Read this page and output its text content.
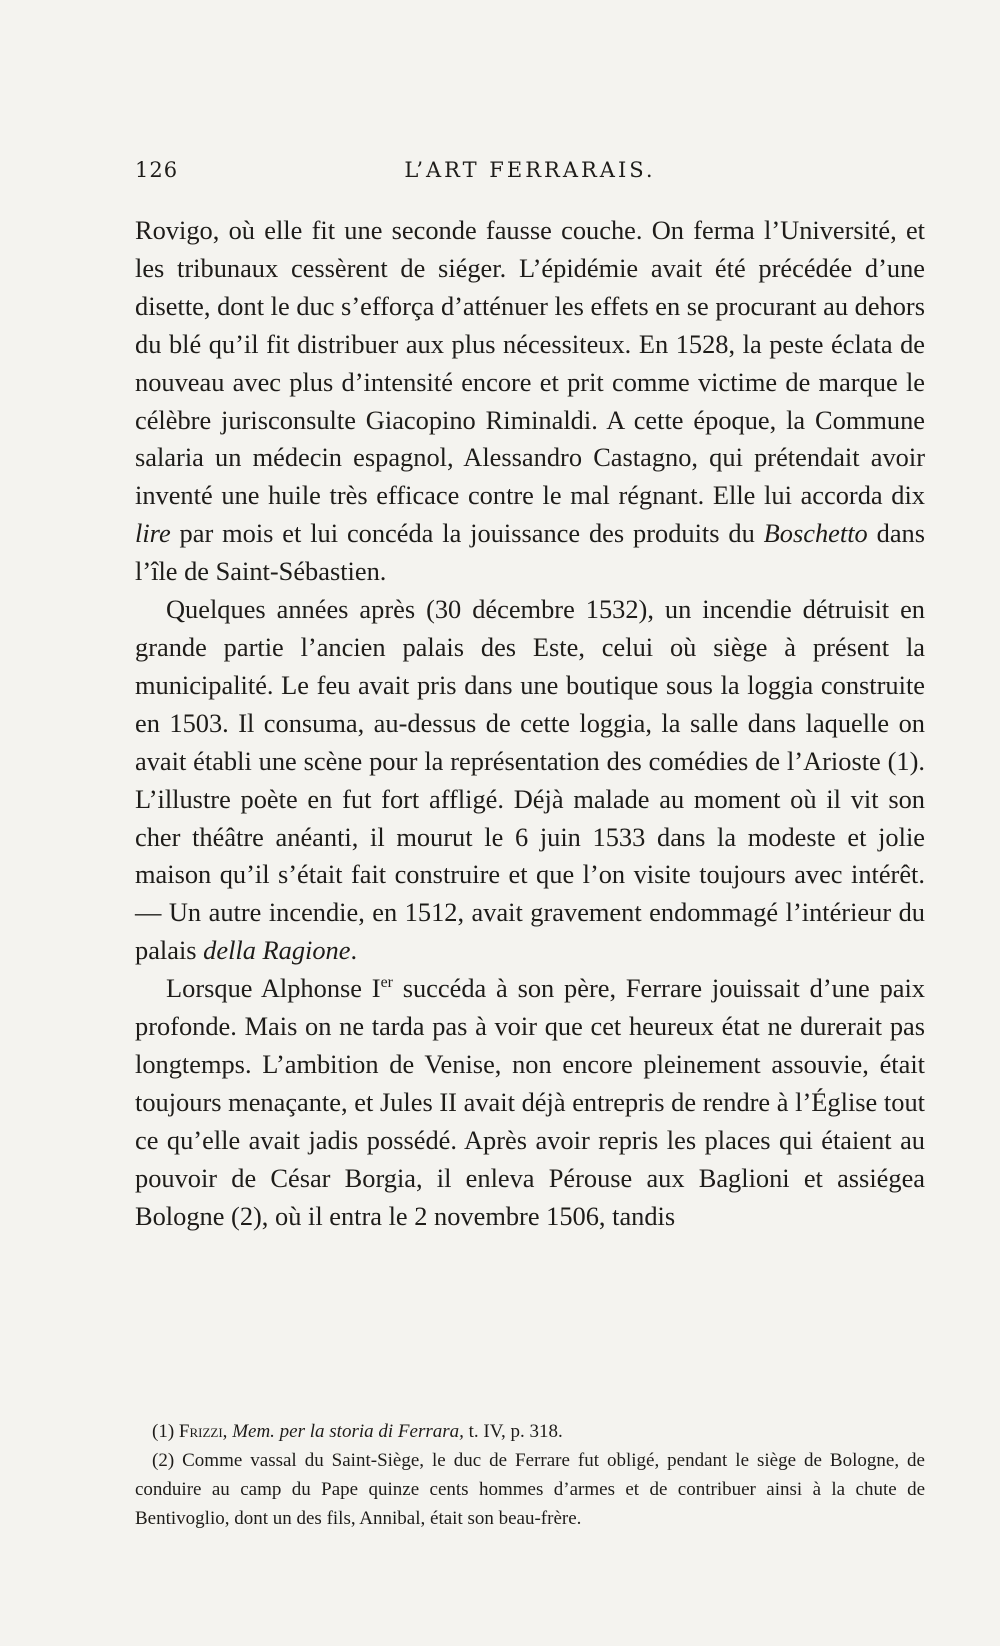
126	L’ART FERRARAIS.

Rovigo, où elle fit une seconde fausse couche. On ferma l’Université, et les tribunaux cessèrent de siéger. L’épidémie avait été précédée d’une disette, dont le duc s’efforça d’atténuer les effets en se procurant au dehors du blé qu’il fit distribuer aux plus nécessiteux. En 1528, la peste éclata de nouveau avec plus d’intensité encore et prit comme victime de marque le célèbre jurisconsulte Giacopino Riminaldi. A cette époque, la Commune salaria un médecin espagnol, Alessandro Castagno, qui prétendait avoir inventé une huile très efficace contre le mal régnant. Elle lui accorda dix lire par mois et lui concéda la jouissance des produits du Boschetto dans l’île de Saint-Sébastien.

Quelques années après (30 décembre 1532), un incendie détruisit en grande partie l’ancien palais des Este, celui où siège à présent la municipalité. Le feu avait pris dans une boutique sous la loggia construite en 1503. Il consuma, au-dessus de cette loggia, la salle dans laquelle on avait établi une scène pour la représentation des comédies de l’Arioste (1). L’illustre poète en fut fort affligé. Déjà malade au moment où il vit son cher théâtre anéanti, il mourut le 6 juin 1533 dans la modeste et jolie maison qu’il s’était fait construire et que l’on visite toujours avec intérêt. — Un autre incendie, en 1512, avait gravement endommagé l’intérieur du palais della Ragione.

Lorsque Alphonse Ier succéda à son père, Ferrare jouissait d’une paix profonde. Mais on ne tarda pas à voir que cet heureux état ne durerait pas longtemps. L’ambition de Venise, non encore pleinement assouvie, était toujours menaçante, et Jules II avait déjà entrepris de rendre à l’Église tout ce qu’elle avait jadis possédé. Après avoir repris les places qui étaient au pouvoir de César Borgia, il enleva Pérouse aux Baglioni et assiégea Bologne (2), où il entra le 2 novembre 1506, tandis

(1) Frizzi, Mem. per la storia di Ferrara, t. IV, p. 318.

(2) Comme vassal du Saint-Siège, le duc de Ferrare fut obligé, pendant le siège de Bologne, de conduire au camp du Pape quinze cents hommes d’armes et de contribuer ainsi à la chute de Bentivoglio, dont un des fils, Annibal, était son beau-frère.
